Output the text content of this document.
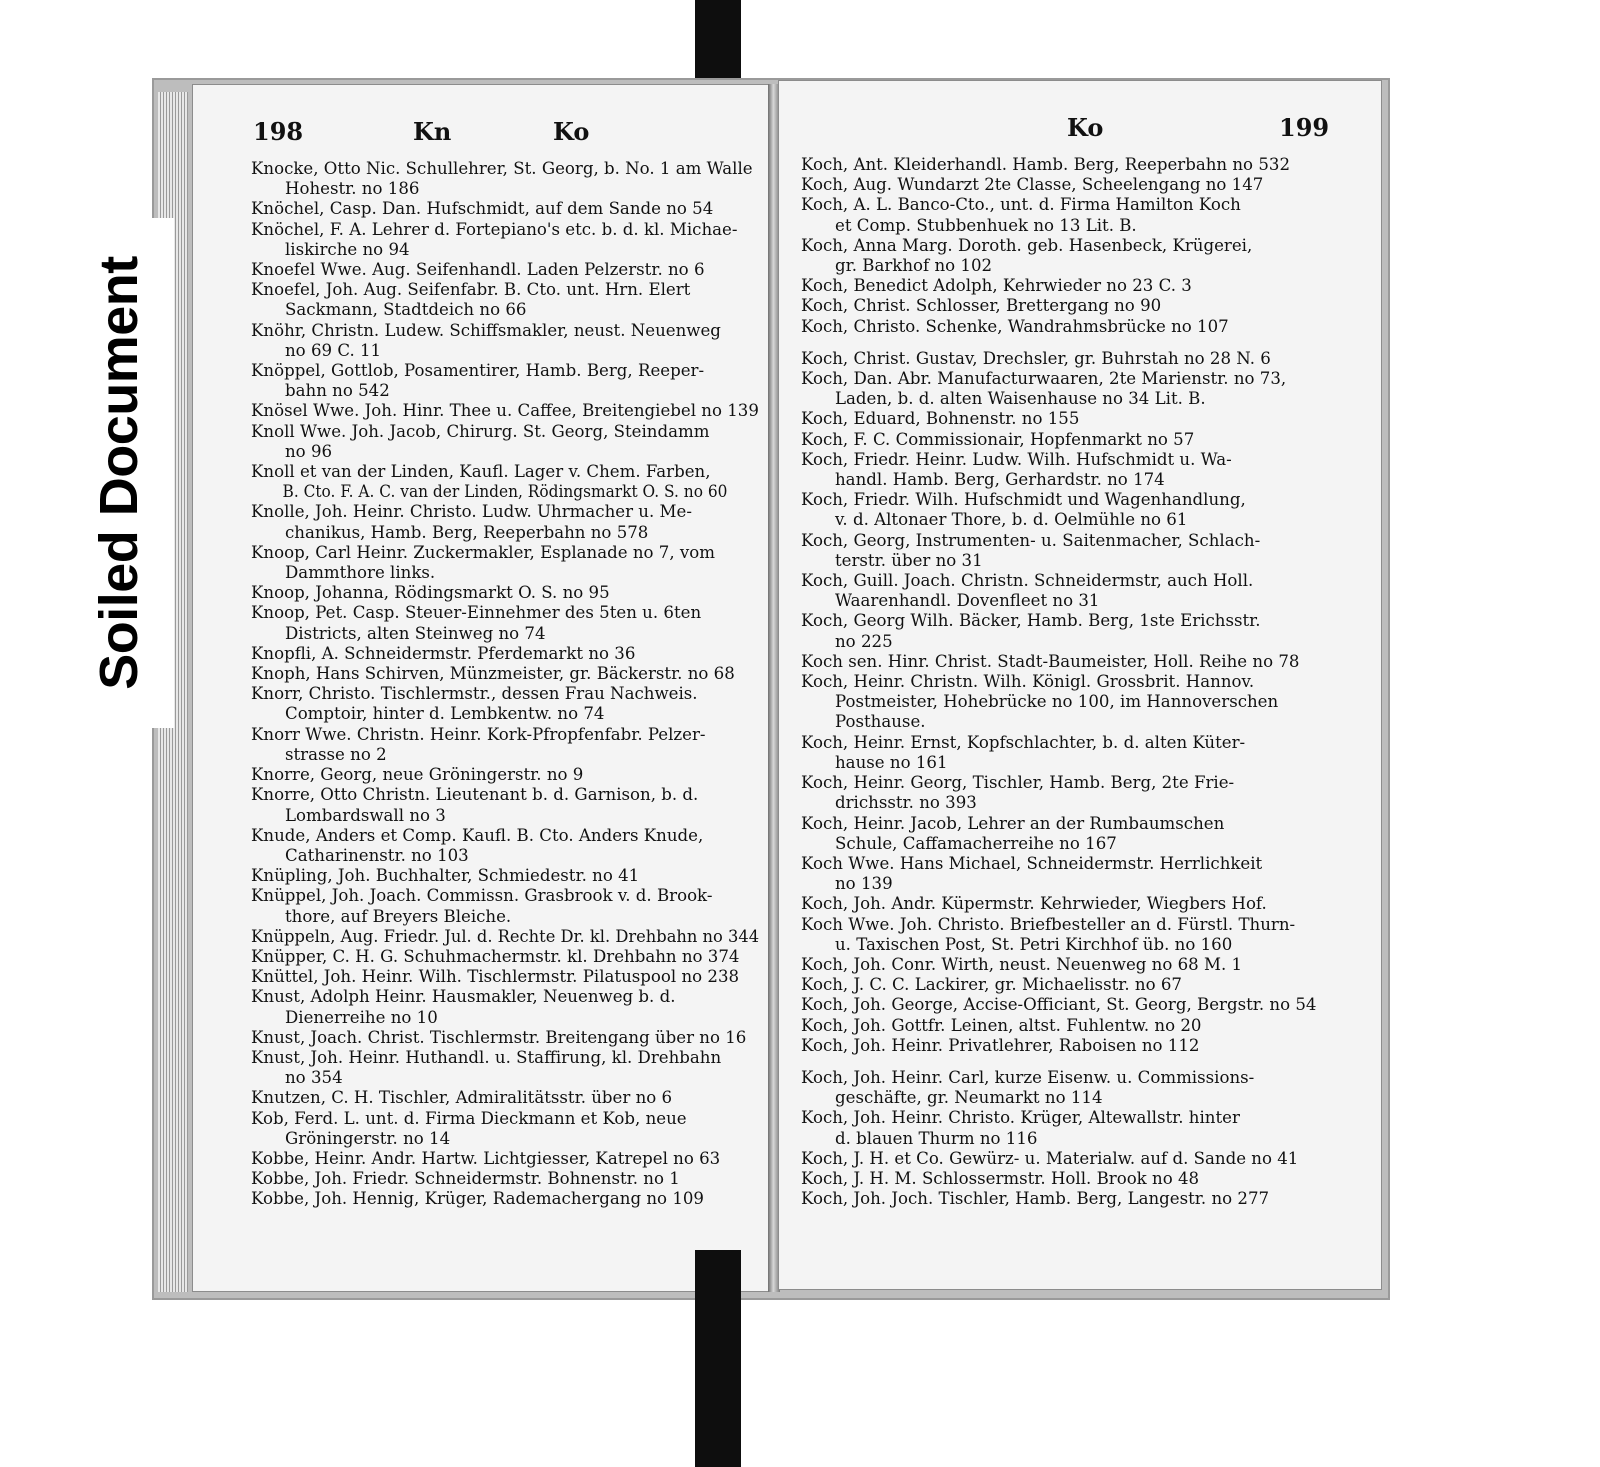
198	Kn	Ko
Knocke, Otto Nic. Schullehrer, St. Georg, b. No. 1 am Walle
Hohestr. no 186
Knöchel, Casp. Dan. Hufschmidt, auf dem Sande no 54
Knöchel, F. A. Lehrer d. Fortepiano's etc. b. d. kl. Michae-
liskirche no 94
Knoefel Wwe. Aug. Seifenhandl. Laden Pelzerstr. no 6
Knoefel, Joh. Aug. Seifenfabr. B. Cto. unt. Hrn. Elert
Sackmann, Stadtdeich no 66
Knöhr, Christn. Ludew. Schiffsmakler, neust. Neuenweg
no 69 C. 11
Knöppel, Gottlob, Posamentirer, Hamb. Berg, Reeper-
bahn no 542
Knösel Wwe. Joh. Hinr. Thee u. Caffee, Breitengiebel no 139
Knoll Wwe. Joh. Jacob, Chirurg. St. Georg, Steindamm
no 96
Knoll et van der Linden, Kaufl. Lager v. Chem. Farben,
B. Cto. F. A. C. van der Linden, Rödingsmarkt O. S. no 60
Knolle, Joh. Heinr. Christo. Ludw. Uhrmacher u. Me-
chanikus, Hamb. Berg, Reeperbahn no 578
Knoop, Carl Heinr. Zuckermakler, Esplanade no 7, vom
Dammthore links.
Knoop, Johanna, Rödingsmarkt O. S. no 95
Knoop, Pet. Casp. Steuer-Einnehmer des 5ten u. 6ten
Districts, alten Steinweg no 74
Knopfli, A. Schneidermstr. Pferdemarkt no 36
Knoph, Hans Schirven, Münzmeister, gr. Bäckerstr. no 68
Knorr, Christo. Tischlermstr., dessen Frau Nachweis.
Comptoir, hinter d. Lembkentw. no 74
Knorr Wwe. Christn. Heinr. Kork-Pfropfenfabr. Pelzer-
strasse no 2
Knorre, Georg, neue Gröningerstr. no 9
Knorre, Otto Christn. Lieutenant b. d. Garnison, b. d.
Lombardswall no 3
Knude, Anders et Comp. Kaufl. B. Cto. Anders Knude,
Catharinenstr. no 103
Knüpling, Joh. Buchhalter, Schmiedestr. no 41
Knüppel, Joh. Joach. Commissn. Grasbrook v. d. Brook-
thore, auf Breyers Bleiche.
Knüppeln, Aug. Friedr. Jul. d. Rechte Dr. kl. Drehbahn no 344
Knüpper, C. H. G. Schuhmachermstr. kl. Drehbahn no 374
Knüttel, Joh. Heinr. Wilh. Tischlermstr. Pilatuspool no 238
Knust, Adolph Heinr. Hausmakler, Neuenweg b. d.
Dienerreihe no 10
Knust, Joach. Christ. Tischlermstr. Breitengang über no 16
Knust, Joh. Heinr. Huthandl. u. Staffirung, kl. Drehbahn
no 354
Knutzen, C. H. Tischler, Admiralitätsstr. über no 6
Kob, Ferd. L. unt. d. Firma Dieckmann et Kob, neue
Gröningerstr. no 14
Kobbe, Heinr. Andr. Hartw. Lichtgiesser, Katrepel no 63
Kobbe, Joh. Friedr. Schneidermstr. Bohnenstr. no 1
Kobbe, Joh. Hennig, Krüger, Rademachergang no 109
Ko	199
Koch, Ant. Kleiderhandl. Hamb. Berg, Reeperbahn no 532
Koch, Aug. Wundarzt 2te Classe, Scheelengang no 147
Koch, A. L. Banco-Cto., unt. d. Firma Hamilton Koch
et Comp. Stubbenhuek no 13 Lit. B.
Koch, Anna Marg. Doroth. geb. Hasenbeck, Krügerei,
gr. Barkhof no 102
Koch, Benedict Adolph, Kehrwieder no 23 C. 3
Koch, Christ. Schlosser, Brettergang no 90
Koch, Christo. Schenke, Wandrahmsbrücke no 107
Koch, Christ. Gustav, Drechsler, gr. Buhrstah no 28 N. 6
Koch, Dan. Abr. Manufacturwaaren, 2te Marienstr. no 73,
Laden, b. d. alten Waisenhause no 34 Lit. B.
Koch, Eduard, Bohnenstr. no 155
Koch, F. C. Commissionair, Hopfenmarkt no 57
Koch, Friedr. Heinr. Ludw. Wilh. Hufschmidt u. Wa-
handl. Hamb. Berg, Gerhardstr. no 174
Koch, Friedr. Wilh. Hufschmidt und Wagenhandlung,
v. d. Altonaer Thore, b. d. Oelmühle no 61
Koch, Georg, Instrumenten- u. Saitenmacher, Schlach-
terstr. über no 31
Koch, Guill. Joach. Christn. Schneidermstr, auch Holl.
Waarenhandl. Dovenfleet no 31
Koch, Georg Wilh. Bäcker, Hamb. Berg, 1ste Erichsstr.
no 225
Koch sen. Hinr. Christ. Stadt-Baumeister, Holl. Reihe no 78
Koch, Heinr. Christn. Wilh. Königl. Grossbrit. Hannov.
Postmeister, Hohebrücke no 100, im Hannoverschen
Posthause.
Koch, Heinr. Ernst, Kopfschlachter, b. d. alten Küter-
hause no 161
Koch, Heinr. Georg, Tischler, Hamb. Berg, 2te Frie-
drichsstr. no 393
Koch, Heinr. Jacob, Lehrer an der Rumbaumschen
Schule, Caffamacherreihe no 167
Koch Wwe. Hans Michael, Schneidermstr. Herrlichkeit
no 139
Koch, Joh. Andr. Küpermstr. Kehrwieder, Wiegbers Hof.
Koch Wwe. Joh. Christo. Briefbesteller an d. Fürstl. Thurn-
u. Taxischen Post, St. Petri Kirchhof üb. no 160
Koch, Joh. Conr. Wirth, neust. Neuenweg no 68 M. 1
Koch, J. C. C. Lackirer, gr. Michaelisstr. no 67
Koch, Joh. George, Accise-Officiant, St. Georg, Bergstr. no 54
Koch, Joh. Gottfr. Leinen, altst. Fuhlentw. no 20
Koch, Joh. Heinr. Privatlehrer, Raboisen no 112
Koch, Joh. Heinr. Carl, kurze Eisenw. u. Commissions-
geschäfte, gr. Neumarkt no 114
Koch, Joh. Heinr. Christo. Krüger, Altewallstr. hinter
d. blauen Thurm no 116
Koch, J. H. et Co. Gewürz- u. Materialw. auf d. Sande no 41
Koch, J. H. M. Schlossermstr. Holl. Brook no 48
Koch, Joh. Joch. Tischler, Hamb. Berg, Langestr. no 277
Soiled Document
